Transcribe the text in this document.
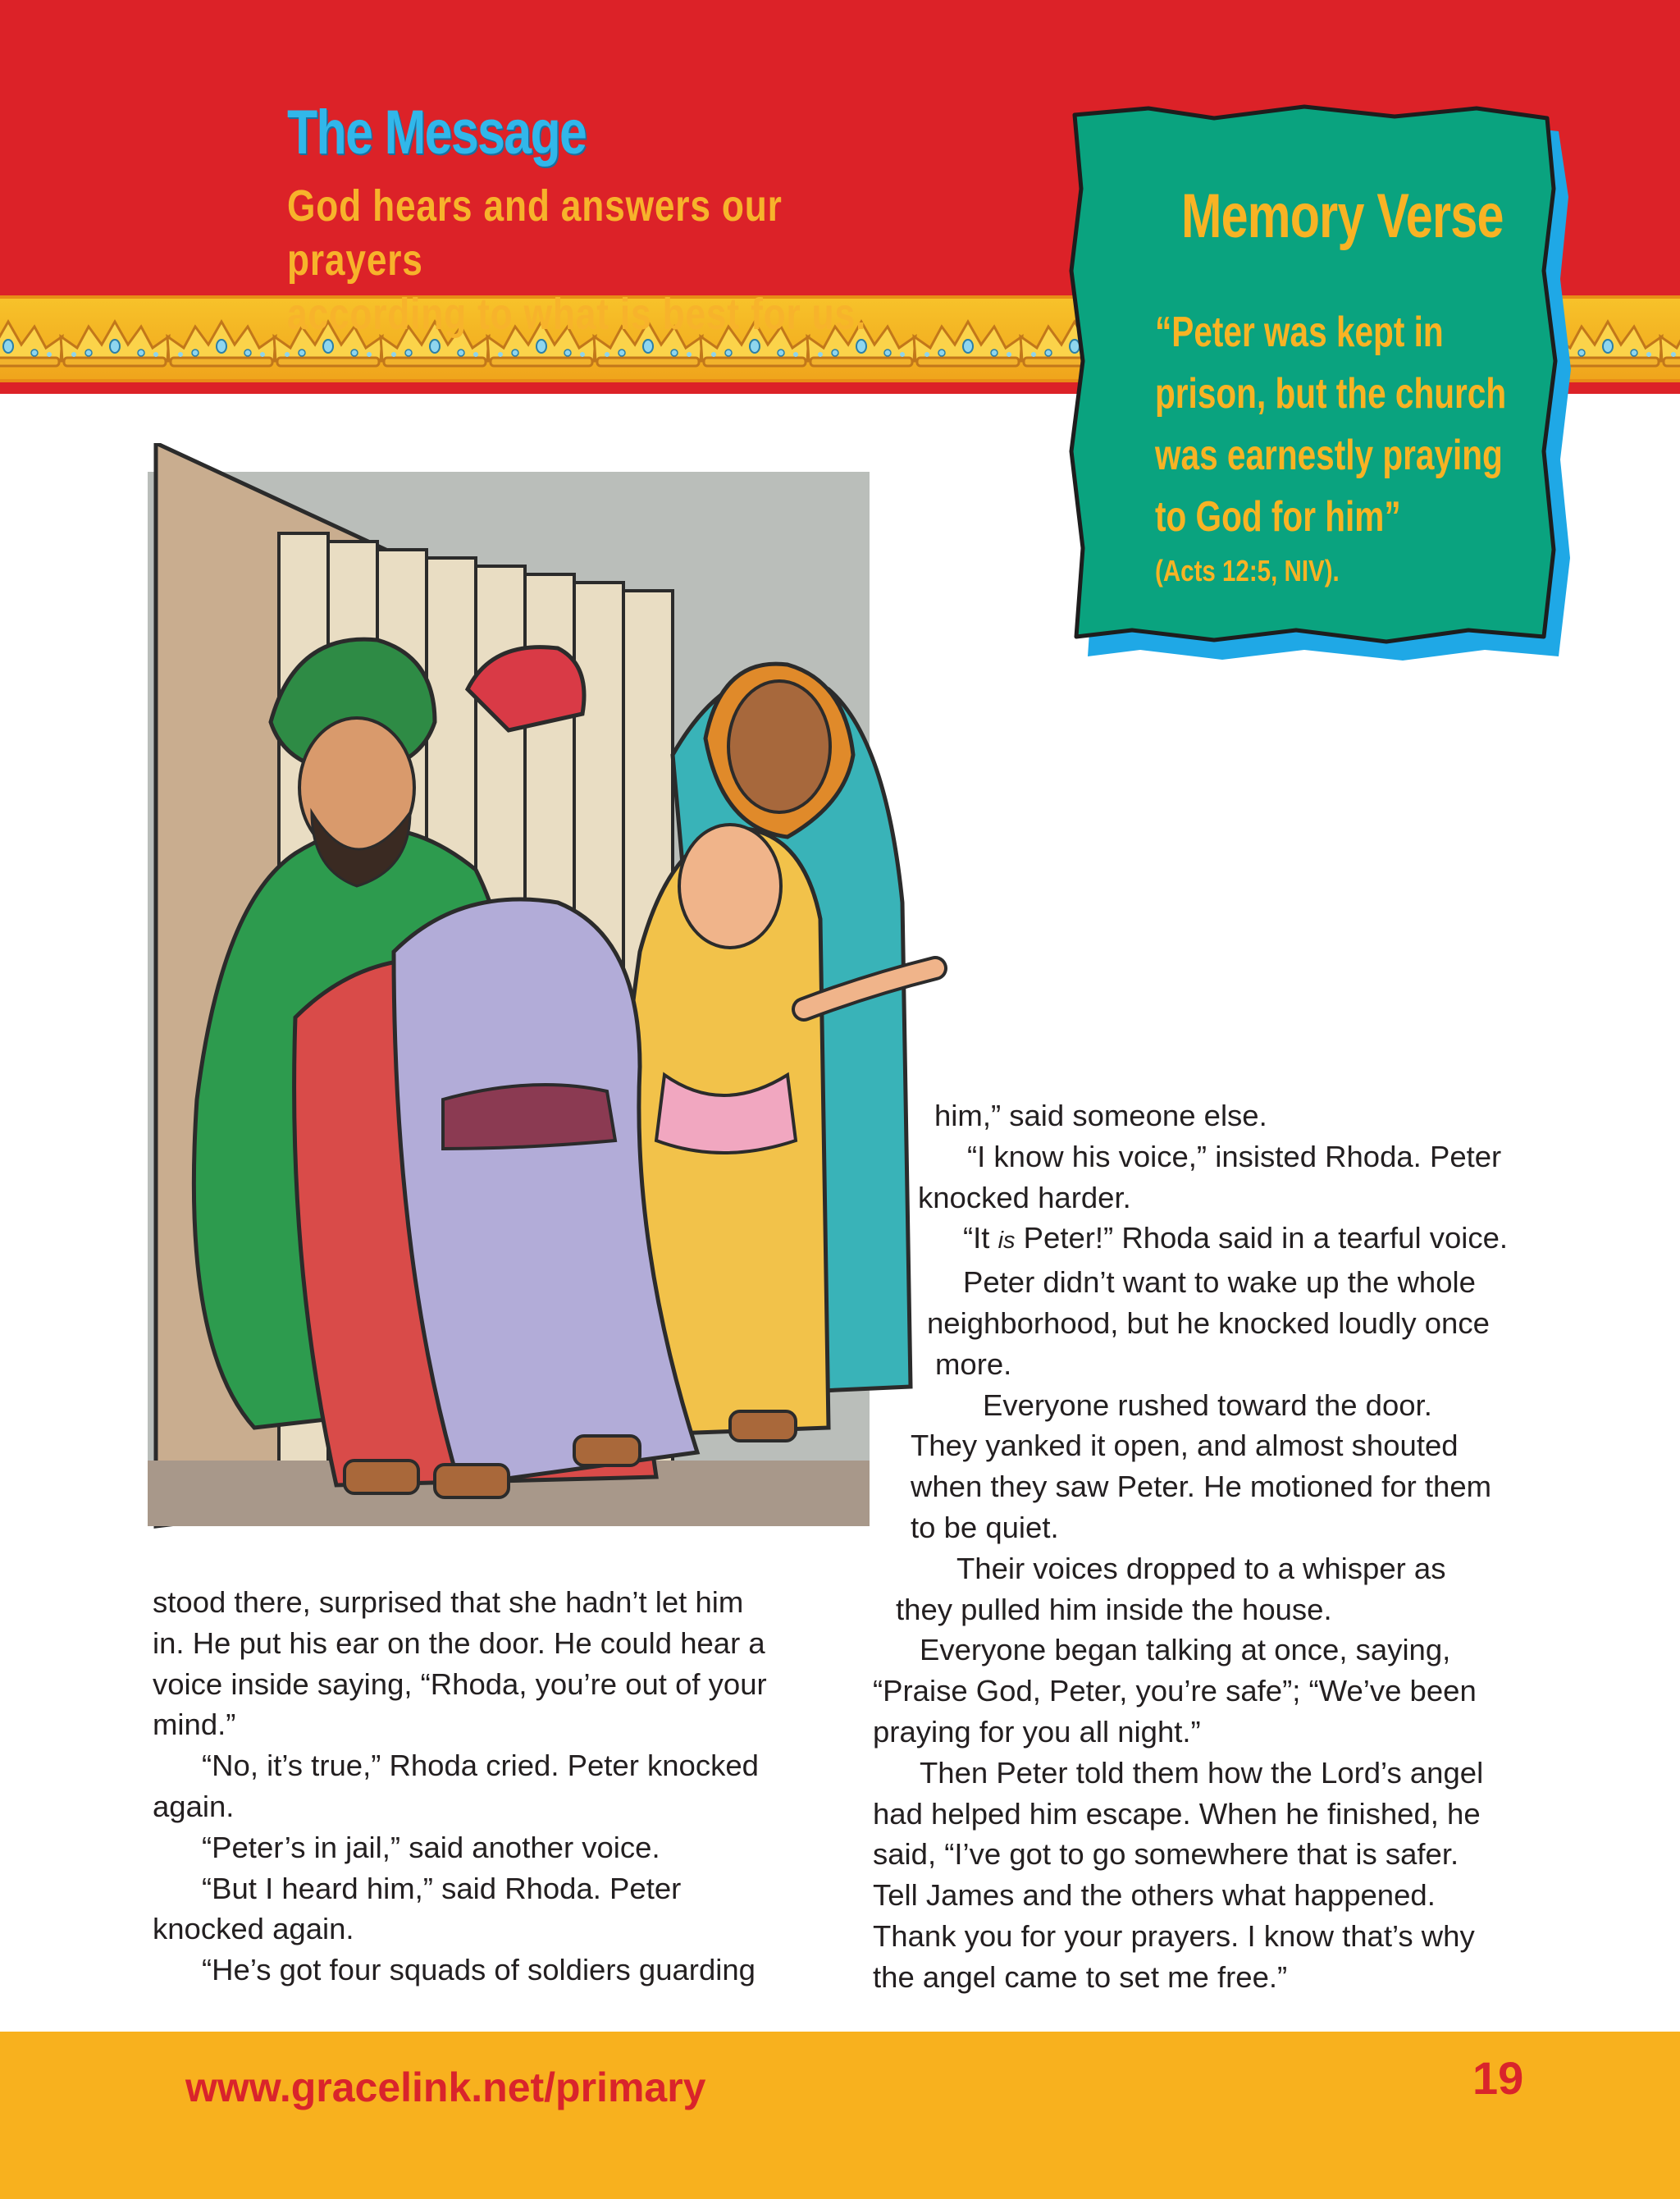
The Message
God hears and answers our prayers
according to what is best for us.
Memory Verse
“Peter was kept in
prison, but the church
was earnestly praying
to God for him”
(Acts 12:5, NIV).
stood there, surprised that she hadn’t let him
in. He put his ear on the door. He could hear a
voice inside saying, “Rhoda, you’re out of your
mind.”
“No, it’s true,” Rhoda cried. Peter knocked
again.
“Peter’s in jail,” said another voice.
“But I heard him,” said Rhoda. Peter
knocked again.
“He’s got four squads of soldiers guarding
him,” said someone else.
“I know his voice,” insisted Rhoda. Peter
knocked harder.
“It is Peter!” Rhoda said in a tearful voice.
Peter didn’t want to wake up the whole
neighborhood, but he knocked loudly once
more.
Everyone rushed toward the door.
They yanked it open, and almost shouted
when they saw Peter. He motioned for them
to be quiet.
Their voices dropped to a whisper as
they pulled him inside the house.
Everyone began talking at once, saying,
“Praise God, Peter, you’re safe”; “We’ve been
praying for you all night.”
Then Peter told them how the Lord’s angel
had helped him escape. When he finished, he
said, “I’ve got to go somewhere that is safer.
Tell James and the others what happened.
Thank you for your prayers. I know that’s why
the angel came to set me free.”
www.gracelink.net/primary	19
